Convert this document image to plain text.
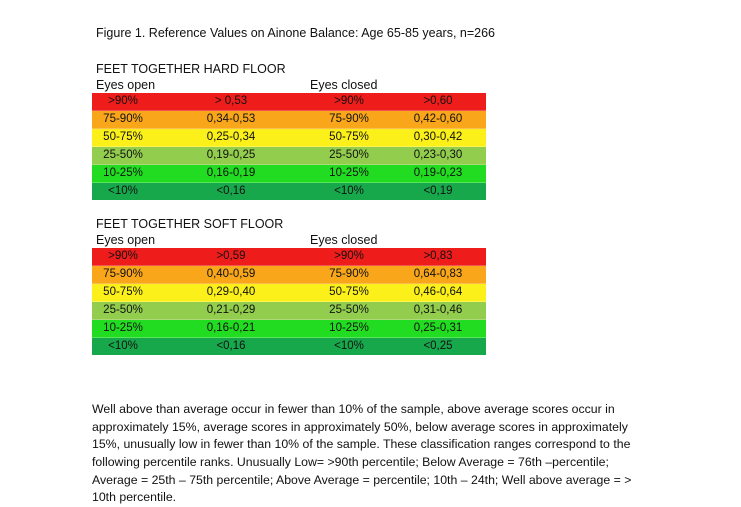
Figure 1. Reference Values on Ainone Balance: Age 65-85 years, n=266
FEET TOGETHER HARD FLOOR
Eyes open	Eyes closed
>90%	> 0,53	>90%	>0,60
75-90%	0,34-0,53	75-90%	0,42-0,60
50-75%	0,25-0,34	50-75%	0,30-0,42
25-50%	0,19-0,25	25-50%	0,23-0,30
10-25%	0,16-0,19	10-25%	0,19-0,23
<10%	<0,16	<10%	<0,19
FEET TOGETHER SOFT FLOOR
Eyes open	Eyes closed
>90%	>0,59	>90%	>0,83
75-90%	0,40-0,59	75-90%	0,64-0,83
50-75%	0,29-0,40	50-75%	0,46-0,64
25-50%	0,21-0,29	25-50%	0,31-0,46
10-25%	0,16-0,21	10-25%	0,25-0,31
<10%	<0,16	<10%	<0,25

Well above than average occur in fewer than 10% of the sample, above average scores occur in approximately 15%, average scores in approximately 50%, below average scores in approximately 15%, unusually low in fewer than 10% of the sample. These classification ranges correspond to the following percentile ranks. Unusually Low= >90th percentile; Below Average = 76th –percentile; Average = 25th – 75th percentile; Above Average = percentile; 10th – 24th; Well above average = > 10th percentile.
